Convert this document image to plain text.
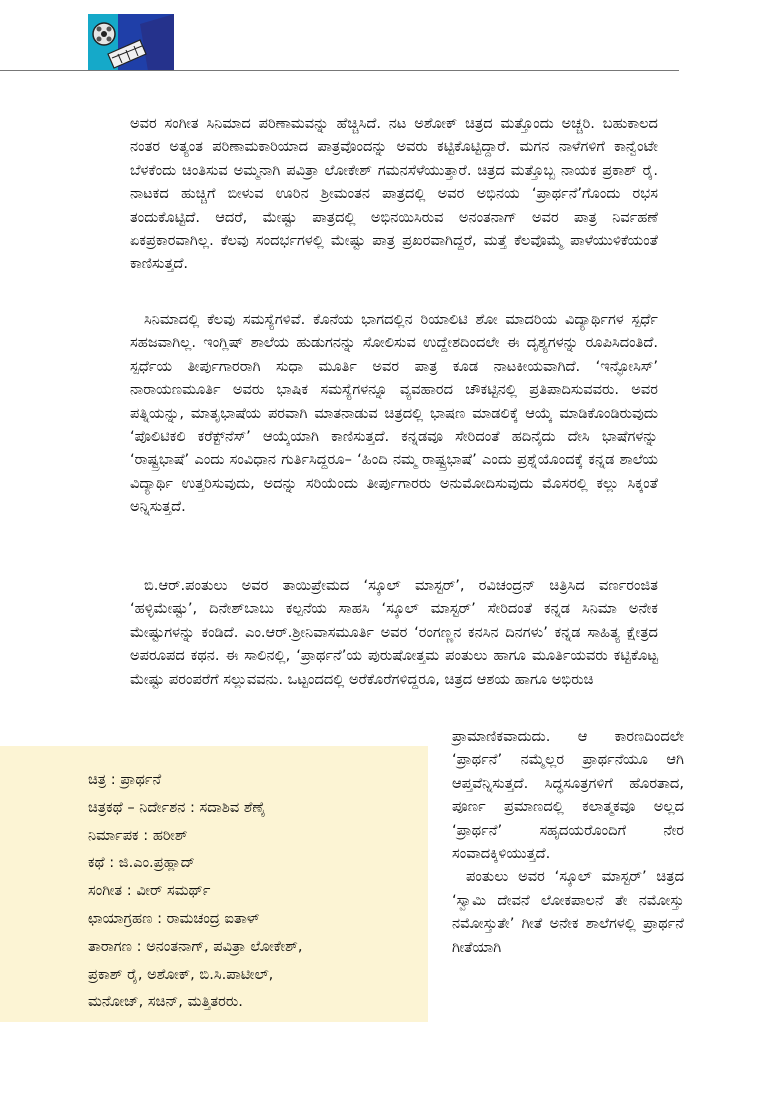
ಅವರ ಸಂಗೀತ ಸಿನಿಮಾದ ಪರಿಣಾಮವನ್ನು ಹೆಚ್ಚಿಸಿದೆ. ನಟ ಅಶೋಕ್ ಚಿತ್ರದ ಮತ್ತೊಂದು ಅಚ್ಚರಿ. ಬಹುಕಾಲದ ನಂತರ ಅತ್ಯಂತ ಪರಿಣಾಮಕಾರಿಯಾದ ಪಾತ್ರವೊಂದನ್ನು ಅವರು ಕಟ್ಟಿಕೊಟ್ಟಿದ್ದಾರೆ. ಮಗನ ನಾಳೆಗಳಿಗೆ ಕಾನ್ವೆಂಟೇ ಬೆಳಕೆಂದು ಚಿಂತಿಸುವ ಅಮ್ಮನಾಗಿ ಪವಿತ್ರಾ ಲೋಕೇಶ್ ಗಮನಸೆಳೆಯುತ್ತಾರೆ. ಚಿತ್ರದ ಮತ್ತೊಬ್ಬ ನಾಯಕ ಪ್ರಕಾಶ್ ರೈ. ನಾಟಕದ ಹುಚ್ಚಿಗೆ ಬೀಳುವ ಊರಿನ ಶ್ರೀಮಂತನ ಪಾತ್ರದಲ್ಲಿ ಅವರ ಅಭಿನಯ ‘ಪ್ರಾರ್ಥನೆ’ಗೊಂದು ರಭಸ ತಂದುಕೊಟ್ಟಿದೆ. ಆದರೆ, ಮೇಷ್ಟು ಪಾತ್ರದಲ್ಲಿ ಅಭಿನಯಿಸಿರುವ ಅನಂತನಾಗ್ ಅವರ ಪಾತ್ರ ನಿರ್ವಹಣೆ ಏಕಪ್ರಕಾರವಾಗಿಲ್ಲ. ಕೆಲವು ಸಂದರ್ಭಗಳಲ್ಲಿ ಮೇಷ್ಟು ಪಾತ್ರ ಪ್ರಖರವಾಗಿದ್ದರೆ, ಮತ್ತೆ ಕೆಲವೊಮ್ಮೆ ಪಾಳೆಯುಳಿಕೆಯಂತೆ ಕಾಣಿಸುತ್ತದೆ.

ಸಿನಿಮಾದಲ್ಲಿ ಕೆಲವು ಸಮಸ್ಯೆಗಳಿವೆ. ಕೊನೆಯ ಭಾಗದಲ್ಲಿನ ರಿಯಾಲಿಟಿ ಶೋ ಮಾದರಿಯ ವಿದ್ಯಾರ್ಥಿಗಳ ಸ್ಪರ್ಧೆ ಸಹಜವಾಗಿಲ್ಲ. ಇಂಗ್ಲಿಷ್ ಶಾಲೆಯ ಹುಡುಗನನ್ನು ಸೋಲಿಸುವ ಉದ್ದೇಶದಿಂದಲೇ ಈ ದೃಶ್ಯಗಳನ್ನು ರೂಪಿಸಿದಂತಿದೆ. ಸ್ಪರ್ಧೆಯ ತೀರ್ಪುಗಾರರಾಗಿ ಸುಧಾ ಮೂರ್ತಿ ಅವರ ಪಾತ್ರ ಕೂಡ ನಾಟಕೀಯವಾಗಿದೆ. ‘ಇನ್ಫೋಸಿಸ್’ ನಾರಾಯಣಮೂರ್ತಿ ಅವರು ಭಾಷಿಕ ಸಮಸ್ಯೆಗಳನ್ನೂ ವ್ಯವಹಾರದ ಚೌಕಟ್ಟಿನಲ್ಲಿ ಪ್ರತಿಪಾದಿಸುವವರು. ಅವರ ಪತ್ನಿಯನ್ನು, ಮಾತೃಭಾಷೆಯ ಪರವಾಗಿ ಮಾತನಾಡುವ ಚಿತ್ರದಲ್ಲಿ ಭಾಷಣ ಮಾಡಲಿಕ್ಕೆ ಆಯ್ಕೆ ಮಾಡಿಕೊಂಡಿರುವುದು ‘ಪೊಲಿಟಿಕಲಿ ಕರೆಕ್ಟ್‌ನೆಸ್’ ಆಯ್ಕೆಯಾಗಿ ಕಾಣಿಸುತ್ತದೆ. ಕನ್ನಡವೂ ಸೇರಿದಂತೆ ಹದಿನೈದು ದೇಸಿ ಭಾಷೆಗಳನ್ನು ‘ರಾಷ್ಟ್ರಭಾಷೆ’ ಎಂದು ಸಂವಿಧಾನ ಗುರ್ತಿಸಿದ್ದರೂ– ‘ಹಿಂದಿ ನಮ್ಮ ರಾಷ್ಟ್ರಭಾಷೆ’ ಎಂದು ಪ್ರಶ್ನೆಯೊಂದಕ್ಕೆ ಕನ್ನಡ ಶಾಲೆಯ ವಿದ್ಯಾರ್ಥಿ ಉತ್ತರಿಸುವುದು, ಅದನ್ನು ಸರಿಯೆಂದು ತೀರ್ಪುಗಾರರು ಅನುಮೋದಿಸುವುದು ಮೊಸರಲ್ಲಿ ಕಲ್ಲು ಸಿಕ್ಕಂತೆ ಅನ್ನಿಸುತ್ತದೆ.

ಬಿ.ಆರ್.ಪಂತುಲು ಅವರ ತಾಯಿಪ್ರೇಮದ ‘ಸ್ಕೂಲ್ ಮಾಸ್ಟರ್’, ರವಿಚಂದ್ರನ್ ಚಿತ್ರಿಸಿದ ವರ್ಣರಂಜಿತ ‘ಹಳ್ಳಿಮೇಷ್ಟು’, ದಿನೇಶ್‌ಬಾಬು ಕಲ್ಪನೆಯ ಸಾಹಸಿ ‘ಸ್ಕೂಲ್ ಮಾಸ್ಟರ್’ ಸೇರಿದಂತೆ ಕನ್ನಡ ಸಿನಿಮಾ ಅನೇಕ ಮೇಷ್ಟುಗಳನ್ನು ಕಂಡಿದೆ. ಎಂ.ಆರ್.ಶ್ರೀನಿವಾಸಮೂರ್ತಿ ಅವರ ‘ರಂಗಣ್ಣನ ಕನಸಿನ ದಿನಗಳು’ ಕನ್ನಡ ಸಾಹಿತ್ಯ ಕ್ಷೇತ್ರದ ಅಪರೂಪದ ಕಥನ. ಈ ಸಾಲಿನಲ್ಲಿ, ‘ಪ್ರಾರ್ಥನೆ’ಯ ಪುರುಷೋತ್ತಮ ಪಂತುಲು ಹಾಗೂ ಮೂರ್ತಿಯವರು ಕಟ್ಟಿಕೊಟ್ಟ ಮೇಷ್ಟು ಪರಂಪರೆಗೆ ಸಲ್ಲುವವನು. ಒಟ್ಟಂದದಲ್ಲಿ ಅರೆಕೊರೆಗಳಿದ್ದರೂ, ಚಿತ್ರದ ಆಶಯ ಹಾಗೂ ಅಭಿರುಚಿ

ಚಿತ್ರ : ಪ್ರಾರ್ಥನೆ

ಚಿತ್ರಕಥೆ – ನಿರ್ದೇಶನ : ಸದಾಶಿವ ಶೆಣೈ

ನಿರ್ಮಾಪಕ : ಹರೀಶ್

ಕಥೆ : ಜಿ.ಎಂ.ಪ್ರಹ್ಲಾದ್

ಸಂಗೀತ : ವೀರ್ ಸಮರ್ಥ್

ಛಾಯಾಗ್ರಹಣ : ರಾಮಚಂದ್ರ ಐತಾಳ್

ತಾರಾಗಣ : ಅನಂತನಾಗ್, ಪವಿತ್ರಾ ಲೋಕೇಶ್,

ಪ್ರಕಾಶ್ ರೈ, ಅಶೋಕ್, ಬಿ.ಸಿ.ಪಾಟೀಲ್,

ಮನೋಜ್, ಸಚಿನ್, ಮತ್ತಿತರರು.

ಪ್ರಾಮಾಣಿಕವಾದುದು. ಆ ಕಾರಣದಿಂದಲೇ ‘ಪ್ರಾರ್ಥನೆ’ ನಮ್ಮೆಲ್ಲರ ಪ್ರಾರ್ಥನೆಯೂ ಆಗಿ ಆಪ್ತವೆನ್ನಿಸುತ್ತದೆ. ಸಿದ್ಧಸೂತ್ರಗಳಿಗೆ ಹೊರತಾದ, ಪೂರ್ಣ ಪ್ರಮಾಣದಲ್ಲಿ ಕಲಾತ್ಮಕವೂ ಅಲ್ಲದ ‘ಪ್ರಾರ್ಥನೆ’ ಸಹೃದಯರೊಂದಿಗೆ ನೇರ ಸಂವಾದಕ್ಕಿಳಿಯುತ್ತದೆ.

ಪಂತುಲು ಅವರ ‘ಸ್ಕೂಲ್ ಮಾಸ್ಟರ್’ ಚಿತ್ರದ ‘ಸ್ವಾಮಿ ದೇವನೆ ಲೋಕಪಾಲನೆ ತೇ ನಮೋಸ್ತು ನಮೋಸ್ತುತೇ’ ಗೀತೆ ಅನೇಕ ಶಾಲೆಗಳಲ್ಲಿ ಪ್ರಾರ್ಥನೆ ಗೀತೆಯಾಗಿ
